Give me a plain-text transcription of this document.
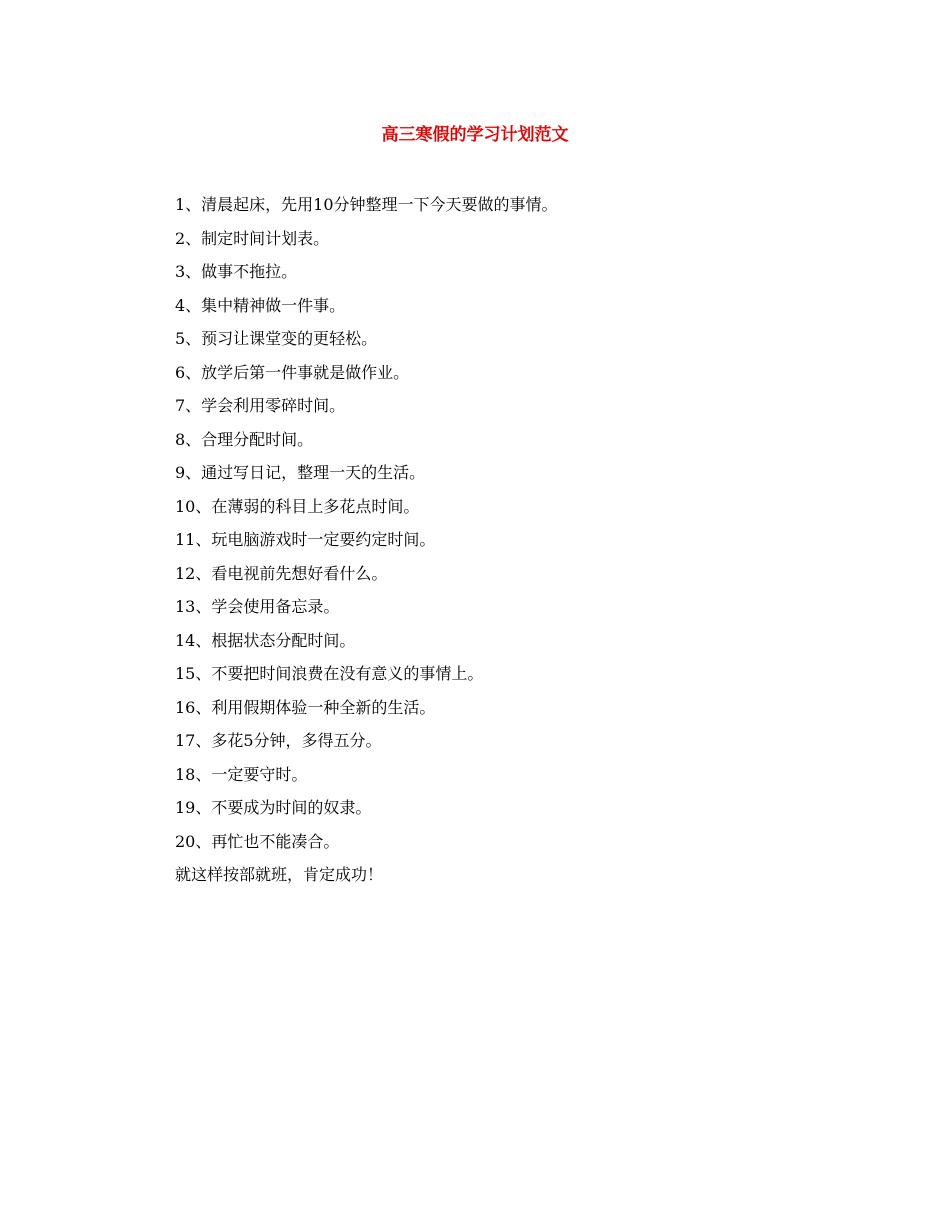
高三寒假的学习计划范文
1、清晨起床，先用10分钟整理一下今天要做的事情。
2、制定时间计划表。
3、做事不拖拉。
4、集中精神做一件事。
5、预习让课堂变的更轻松。
6、放学后第一件事就是做作业。
7、学会利用零碎时间。
8、合理分配时间。
9、通过写日记，整理一天的生活。
10、在薄弱的科目上多花点时间。
11、玩电脑游戏时一定要约定时间。
12、看电视前先想好看什么。
13、学会使用备忘录。
14、根据状态分配时间。
15、不要把时间浪费在没有意义的事情上。
16、利用假期体验一种全新的生活。
17、多花5分钟，多得五分。
18、一定要守时。
19、不要成为时间的奴隶。
20、再忙也不能凑合。
就这样按部就班，肯定成功！
